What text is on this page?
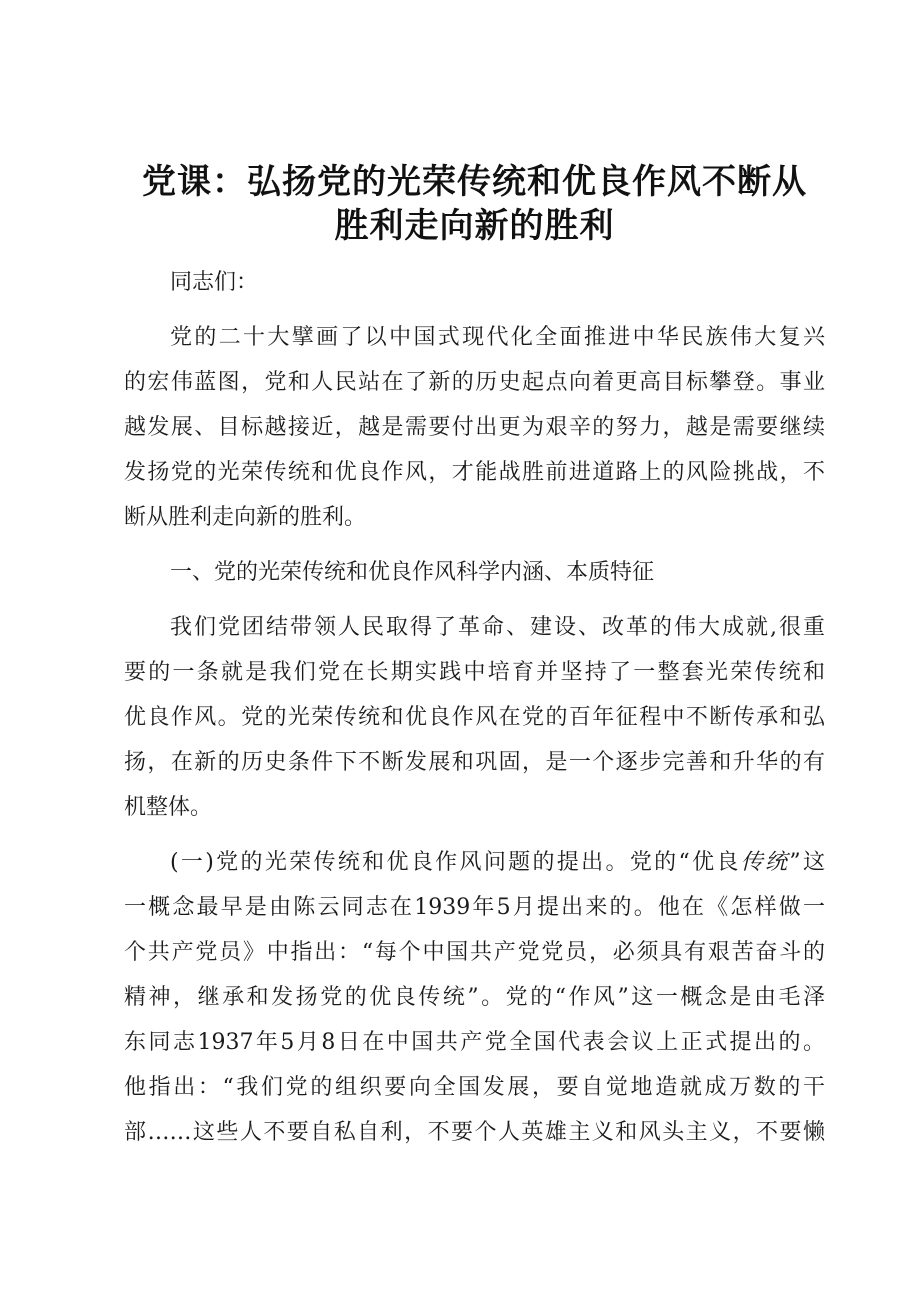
党课：弘扬党的光荣传统和优良作风不断从
胜利走向新的胜利

同志们：

党的二十大擘画了以中国式现代化全面推进中华民族伟大复兴
的宏伟蓝图，党和人民站在了新的历史起点向着更高目标攀登。事业
越发展、目标越接近，越是需要付出更为艰辛的努力，越是需要继续
发扬党的光荣传统和优良作风，才能战胜前进道路上的风险挑战，不
断从胜利走向新的胜利。

一、党的光荣传统和优良作风科学内涵、本质特征

我们党团结带领人民取得了革命、建设、改革的伟大成就,很重
要的一条就是我们党在长期实践中培育并坚持了一整套光荣传统和
优良作风。党的光荣传统和优良作风在党的百年征程中不断传承和弘
扬，在新的历史条件下不断发展和巩固，是一个逐步完善和升华的有
机整体。

(一)党的光荣传统和优良作风问题的提出。党的“优良传统”这
一概念最早是由陈云同志在1939年5月提出来的。他在《怎样做一
个共产党员》中指出：“每个中国共产党党员，必须具有艰苦奋斗的
精神，继承和发扬党的优良传统”。党的“作风”这一概念是由毛泽
东同志1937年5月8日在中国共产党全国代表会议上正式提出的。
他指出：“我们党的组织要向全国发展，要自觉地造就成万数的干
部……这些人不要自私自利，不要个人英雄主义和风头主义，不要懒
